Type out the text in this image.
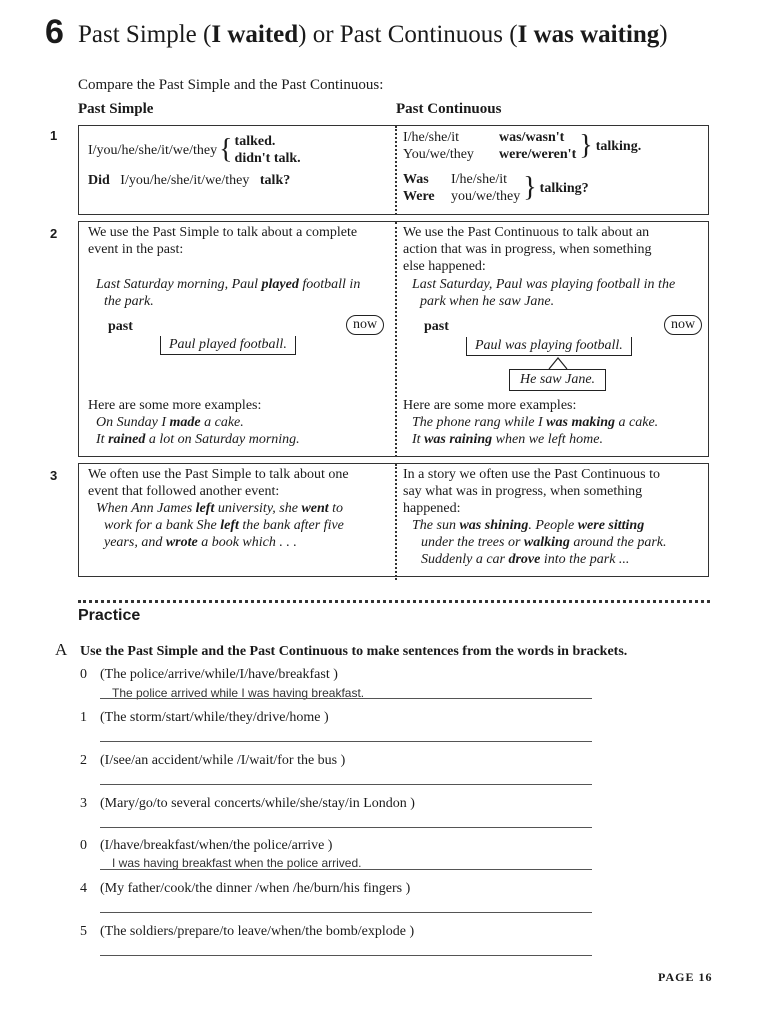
6 Past Simple (I waited) or Past Continuous (I was waiting)
Compare the Past Simple and the Past Continuous:
Past Simple	Past Continuous
1
I/you/he/she/it/we/they { talked.
didn't talk.
Did I/you/he/she/it/we/they talk?
I/he/she/it	was/wasn't
You/we/they	were/weren't } talking.
Was	I/he/she/it
Were	you/we/they } talking?
2 We use the Past Simple to talk about a complete
event in the past:
Last Saturday morning, Paul played football in
the park.
past	now
Paul played football.
Here are some more examples:
On Sunday I made a cake.
It rained a lot on Saturday morning.
We use the Past Continuous to talk about an
action that was in progress, when something
else happened:
Last Saturday, Paul was playing football in the
park when he saw Jane.
past	now
Paul was playing football.
He saw Jane.
Here are some more examples:
The phone rang while I was making a cake.
It was raining when we left home.
3 We often use the Past Simple to talk about one
event that followed another event:
When Ann James left university, she went to
work for a bank She left the bank after five
years, and wrote a book which . . .
In a story we often use the Past Continuous to
say what was in progress, when something
happened:
The sun was shining. People were sitting
under the trees or walking around the park.
Suddenly a car drove into the park ...
Practice
A Use the Past Simple and the Past Continuous to make sentences from the words in brackets.
0 (The police/arrive/while/I/have/breakfast )
The police arrived while I was having breakfast.
1 (The storm/start/while/they/drive/home )
2 (I/see/an accident/while /I/wait/for the bus )
3 (Mary/go/to several concerts/while/she/stay/in London )
0 (I/have/breakfast/when/the police/arrive )
I was having breakfast when the police arrived.
4 (My father/cook/the dinner /when /he/burn/his fingers )
5 (The soldiers/prepare/to leave/when/the bomb/explode )
PAGE 16
